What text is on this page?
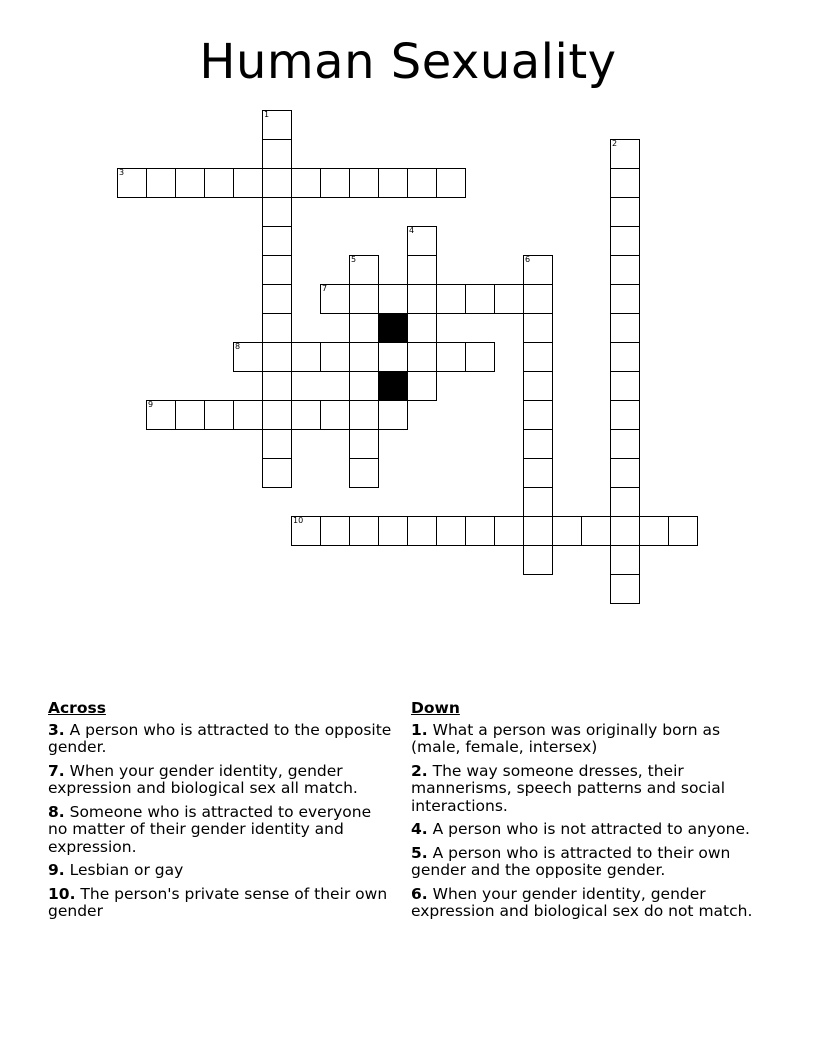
Human Sexuality
1
2
3
4
5	6
7
8
9
10
Across
3. A person who is attracted to the opposite gender.
7. When your gender identity, gender expression and biological sex all match.
8. Someone who is attracted to everyone no matter of their gender identity and expression.
9. Lesbian or gay
10. The person's private sense of their own gender
Down
1. What a person was originally born as (male, female, intersex)
2. The way someone dresses, their mannerisms, speech patterns and social interactions.
4. A person who is not attracted to anyone.
5. A person who is attracted to their own gender and the opposite gender.
6. When your gender identity, gender expression and biological sex do not match.
